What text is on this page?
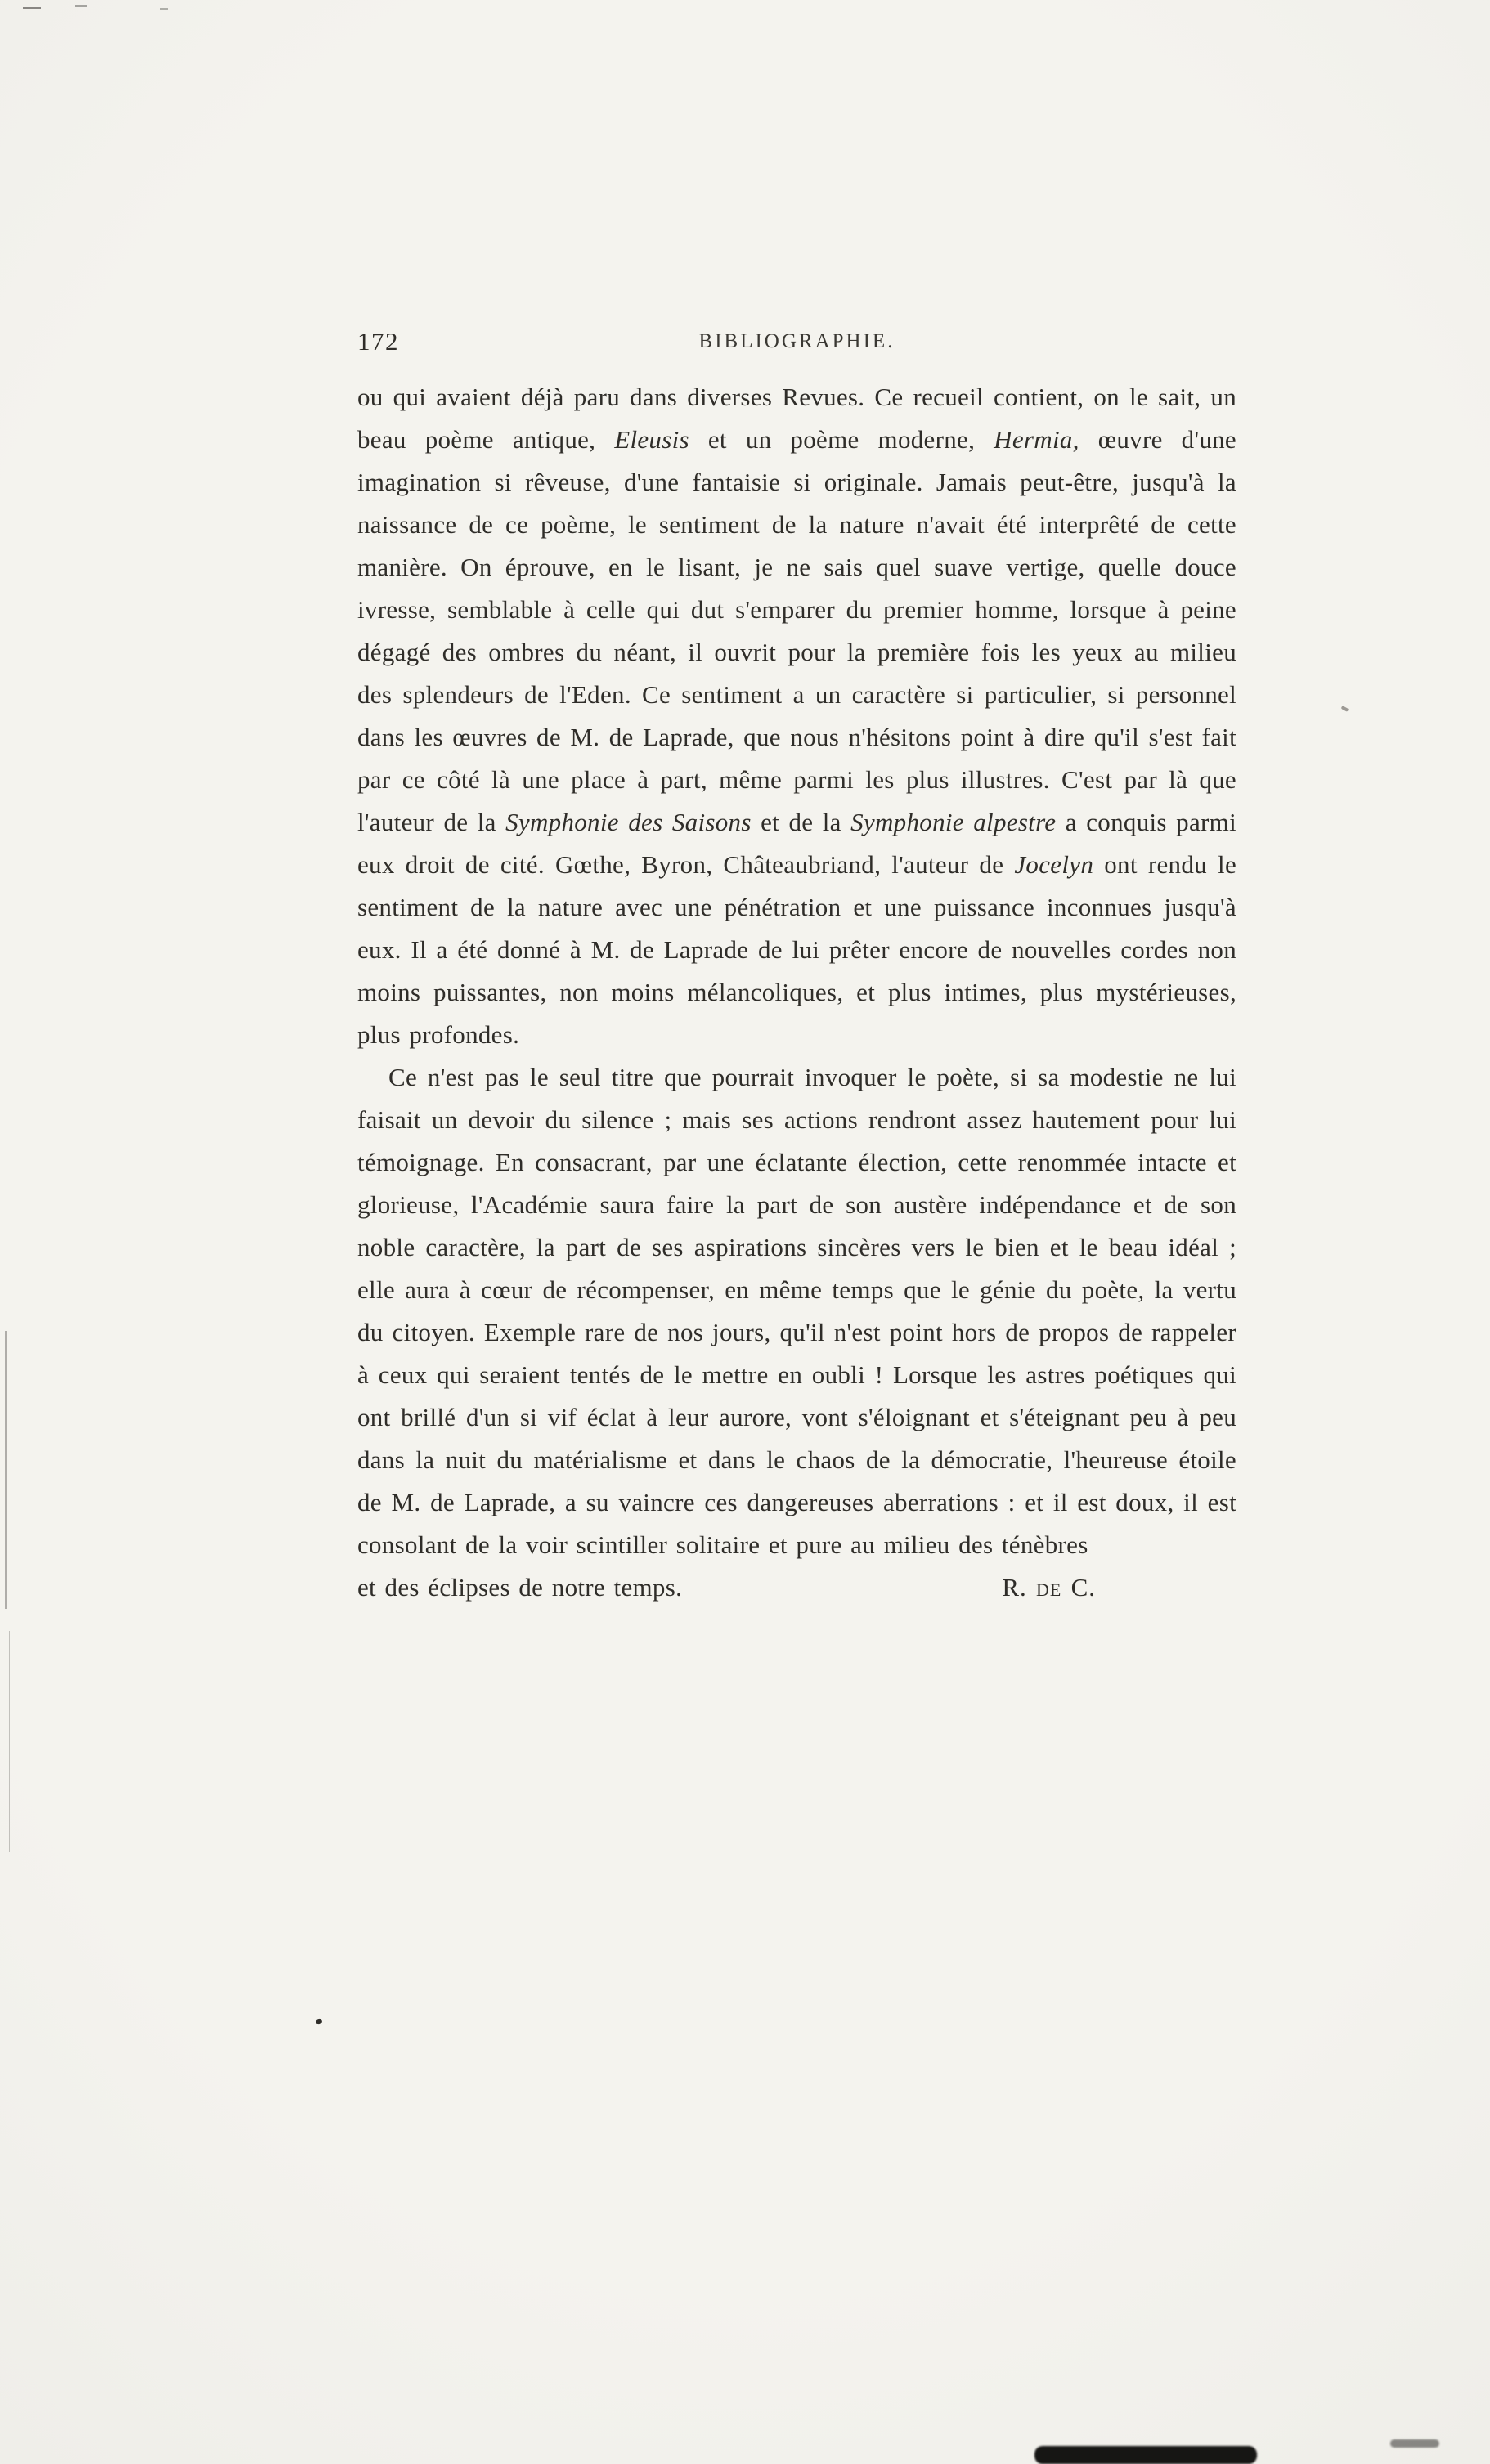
172	BIBLIOGRAPHIE.

ou qui avaient déjà paru dans diverses Revues. Ce recueil contient, on le sait, un beau poème antique, Eleusis et un poème moderne, Hermia, œuvre d'une imagination si rêveuse, d'une fantaisie si originale. Jamais peut-être, jusqu'à la naissance de ce poème, le sentiment de la nature n'avait été interprêté de cette manière. On éprouve, en le lisant, je ne sais quel suave vertige, quelle douce ivresse, semblable à celle qui dut s'emparer du premier homme, lorsque à peine dégagé des ombres du néant, il ouvrit pour la première fois les yeux au milieu des splendeurs de l'Eden. Ce sentiment a un caractère si particulier, si personnel dans les œuvres de M. de Laprade, que nous n'hésitons point à dire qu'il s'est fait par ce côté là une place à part, même parmi les plus illustres. C'est par là que l'auteur de la Symphonie des Saisons et de la Symphonie alpestre a conquis parmi eux droit de cité. Gœthe, Byron, Châteaubriand, l'auteur de Jocelyn ont rendu le sentiment de la nature avec une pénétration et une puissance inconnues jusqu'à eux. Il a été donné à M. de Laprade de lui prêter encore de nouvelles cordes non moins puissantes, non moins mélancoliques, et plus intimes, plus mystérieuses, plus profondes.

Ce n'est pas le seul titre que pourrait invoquer le poète, si sa modestie ne lui faisait un devoir du silence ; mais ses actions rendront assez hautement pour lui témoignage. En consacrant, par une éclatante élection, cette renommée intacte et glorieuse, l'Académie saura faire la part de son austère indépendance et de son noble caractère, la part de ses aspirations sincères vers le bien et le beau idéal ; elle aura à cœur de récompenser, en même temps que le génie du poète, la vertu du citoyen. Exemple rare de nos jours, qu'il n'est point hors de propos de rappeler à ceux qui seraient tentés de le mettre en oubli ! Lorsque les astres poétiques qui ont brillé d'un si vif éclat à leur aurore, vont s'éloignant et s'éteignant peu à peu dans la nuit du matérialisme et dans le chaos de la démocratie, l'heureuse étoile de M. de Laprade, a su vaincre ces dangereuses aberrations : et il est doux, il est consolant de la voir scintiller solitaire et pure au milieu des ténèbres

et des éclipses de notre temps.	R. de C.
